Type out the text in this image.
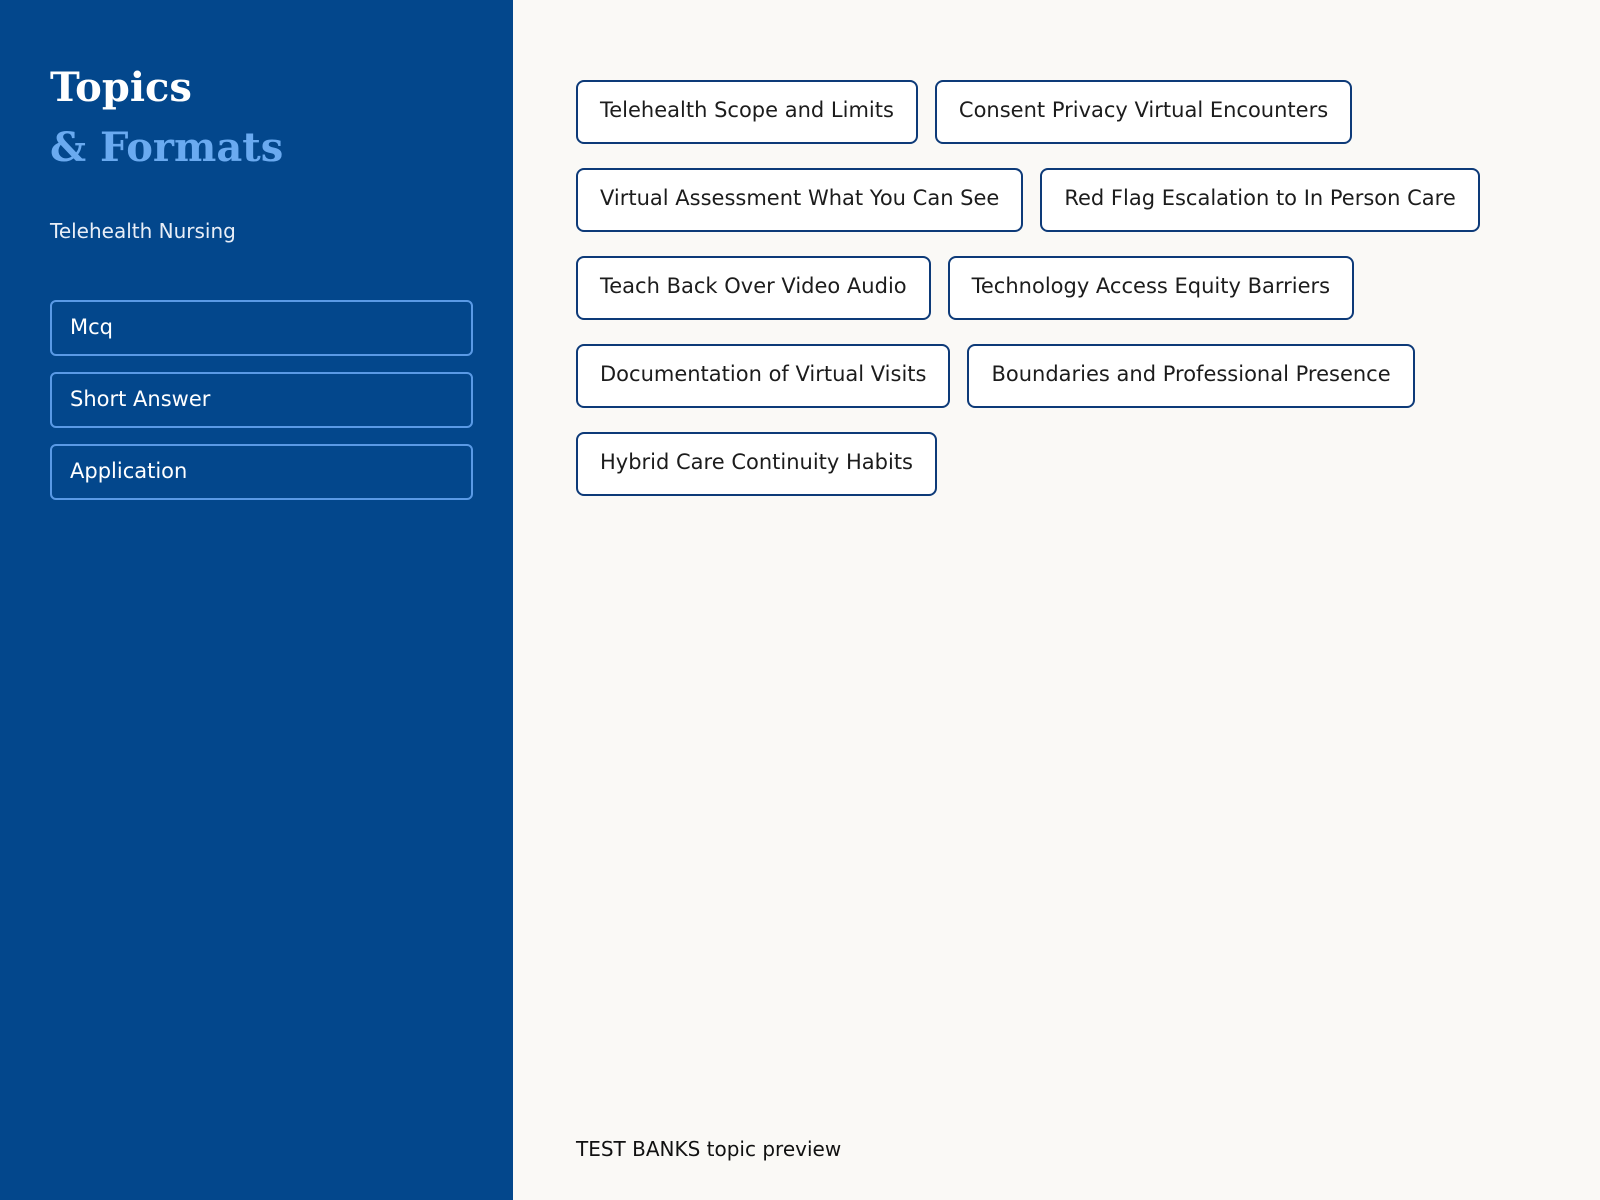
Topics
& Formats
Telehealth Nursing
Mcq
Short Answer
Application
Telehealth Scope and Limits	Consent Privacy Virtual Encounters
Virtual Assessment What You Can See	Red Flag Escalation to In Person Care
Teach Back Over Video Audio	Technology Access Equity Barriers
Documentation of Virtual Visits	Boundaries and Professional Presence
Hybrid Care Continuity Habits
TEST BANKS topic preview
